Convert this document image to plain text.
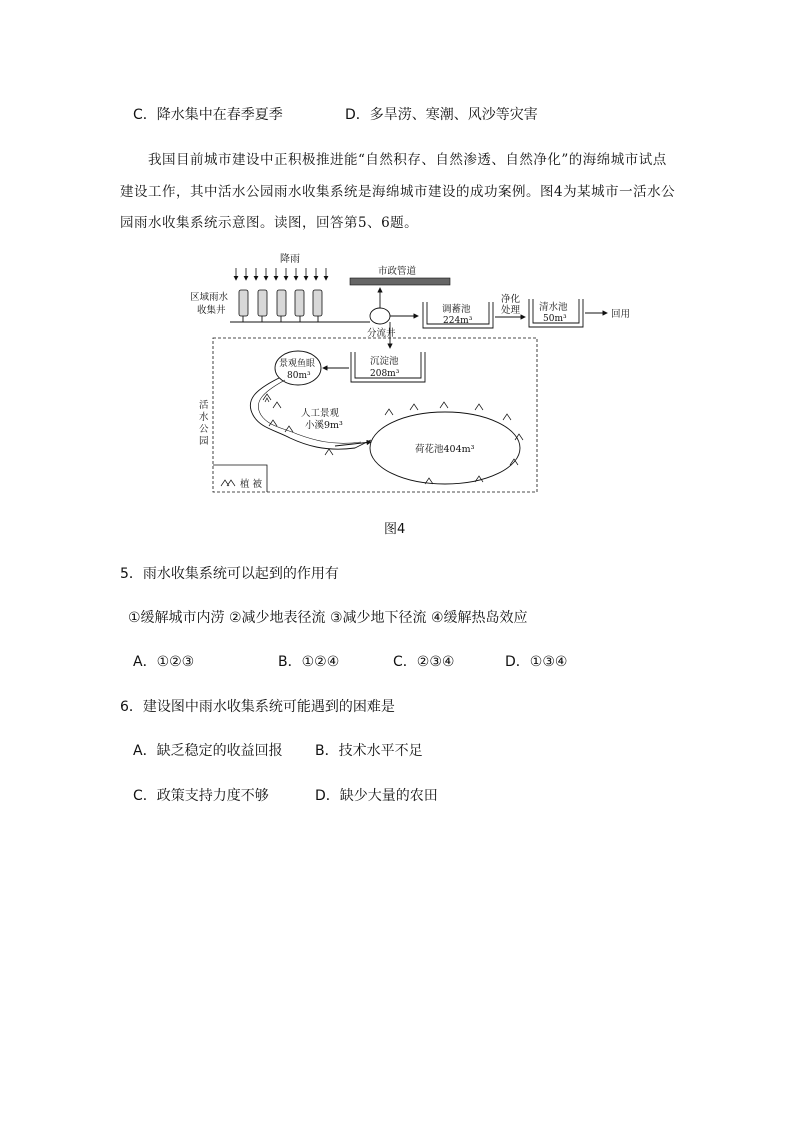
C．降水集中在春季夏季	D．多旱涝、寒潮、风沙等灾害
我国目前城市建设中正积极推进能“自然积存、自然渗透、自然净化”的海绵城市试点
建设工作，其中活水公园雨水收集系统是海绵城市建设的成功案例。图4为某城市一活水公
园雨水收集系统示意图。读图，回答第5、6题。
降雨
区域雨水
收集井
市政管道
分流井
调蓄池
224m³
净化
处理
活
水
公
园
沉淀池
208m³
景观鱼眼
80m³
人工景观
小溪9m³
荷花池404m³
植 被
清水池
50m³	回用
图4
5．雨水收集系统可以起到的作用有
①缓解城市内涝 ②减少地表径流 ③减少地下径流 ④缓解热岛效应
A．①②③	B．①②④	C．②③④	D．①③④
6．建设图中雨水收集系统可能遇到的困难是
A．缺乏稳定的收益回报 B．技术水平不足
C．政策支持力度不够	D．缺少大量的农田
